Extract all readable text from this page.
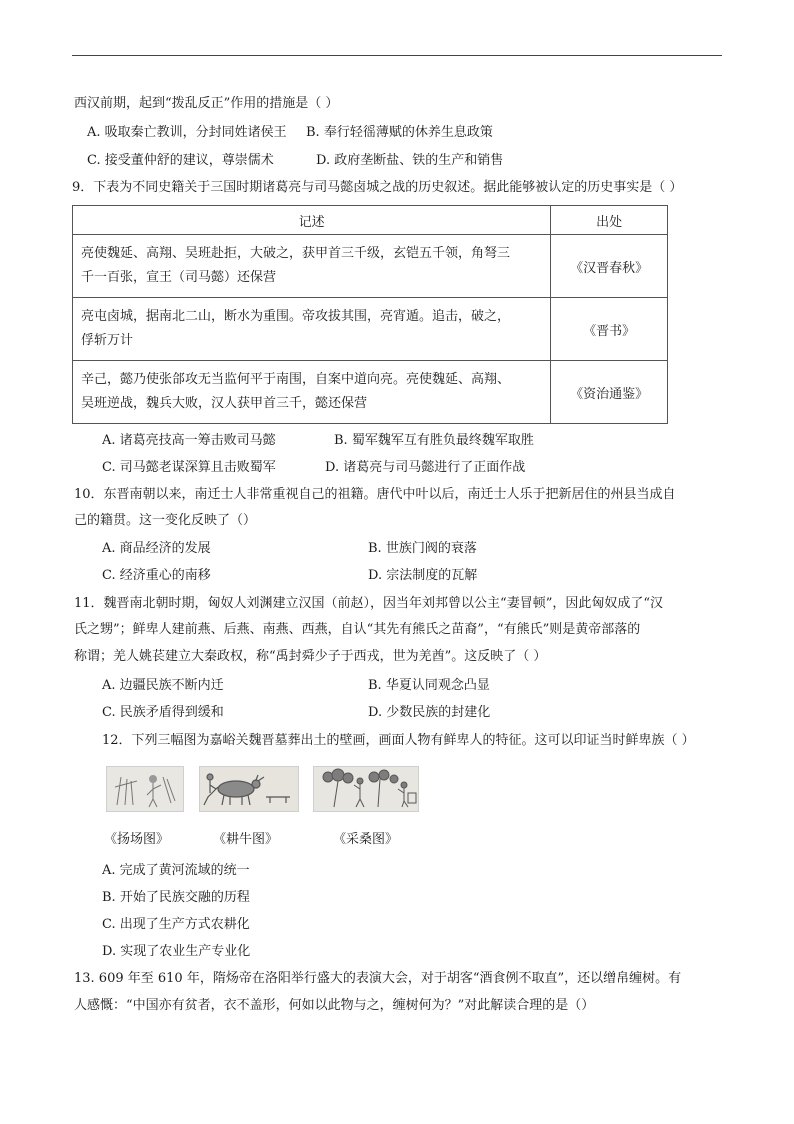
西汉前期，起到“拨乱反正”作用的措施是（ ）
A. 吸取秦亡教训，分封同姓诸侯王 B. 奉行轻徭薄赋的休养生息政策
C. 接受董仲舒的建议，尊崇儒术	D. 政府垄断盐、铁的生产和销售
9．下表为不同史籍关于三国时期诸葛亮与司马懿卤城之战的历史叙述。据此能够被认定的历史事实是（ ）
记述	出处

亮使魏延、高翔、吴班赴拒，大破之，获甲首三千级，玄铠五千领，角弩三
千一百张，宣王（司马懿）还保营	《汉晋春秋》

亮屯卤城，据南北二山，断水为重围。帝攻拔其围，亮宵遁。追击，破之，
俘斩万计	《晋书》

辛己，懿乃使张郃攻无当监何平于南围，自案中道向亮。亮使魏延、高翔、
吴班逆战，魏兵大败，汉人获甲首三千，懿还保营	《资治通鉴》
A. 诸葛亮技高一筹击败司马懿	B. 蜀军魏军互有胜负最终魏军取胜
C. 司马懿老谋深算且击败蜀军	D. 诸葛亮与司马懿进行了正面作战
10．东晋南朝以来，南迁士人非常重视自己的祖籍。唐代中叶以后，南迁士人乐于把新居住的州县当成自
己的籍贯。这一变化反映了（）
A. 商品经济的发展	B. 世族门阀的衰落
C. 经济重心的南移	D. 宗法制度的瓦解
11．魏晋南北朝时期，匈奴人刘渊建立汉国（前赵），因当年刘邦曾以公主“妻冒顿”，因此匈奴成了“汉
氏之甥”；鲜卑人建前燕、后燕、南燕、西燕，自认“其先有熊氏之苗裔”，“有熊氏”则是黄帝部落的
称谓；羌人姚苌建立大秦政权，称“禹封舜少子于西戎，世为羌酋”。这反映了（ ）
A. 边疆民族不断内迁	B. 华夏认同观念凸显
C. 民族矛盾得到缓和	D. 少数民族的封建化
12．下列三幅图为嘉峪关魏晋墓葬出土的壁画，画面人物有鲜卑人的特征。这可以印证当时鲜卑族（ ）
《扬场图》	《耕牛图》	《采桑图》
A. 完成了黄河流域的统一
B. 开始了民族交融的历程
C. 出现了生产方式农耕化
D. 实现了农业生产专业化
13. 609 年至 610 年，隋炀帝在洛阳举行盛大的表演大会，对于胡客“酒食例不取直”，还以缯帛缠树。有
人感慨：“中国亦有贫者，衣不盖形，何如以此物与之，缠树何为？”对此解读合理的是（）
